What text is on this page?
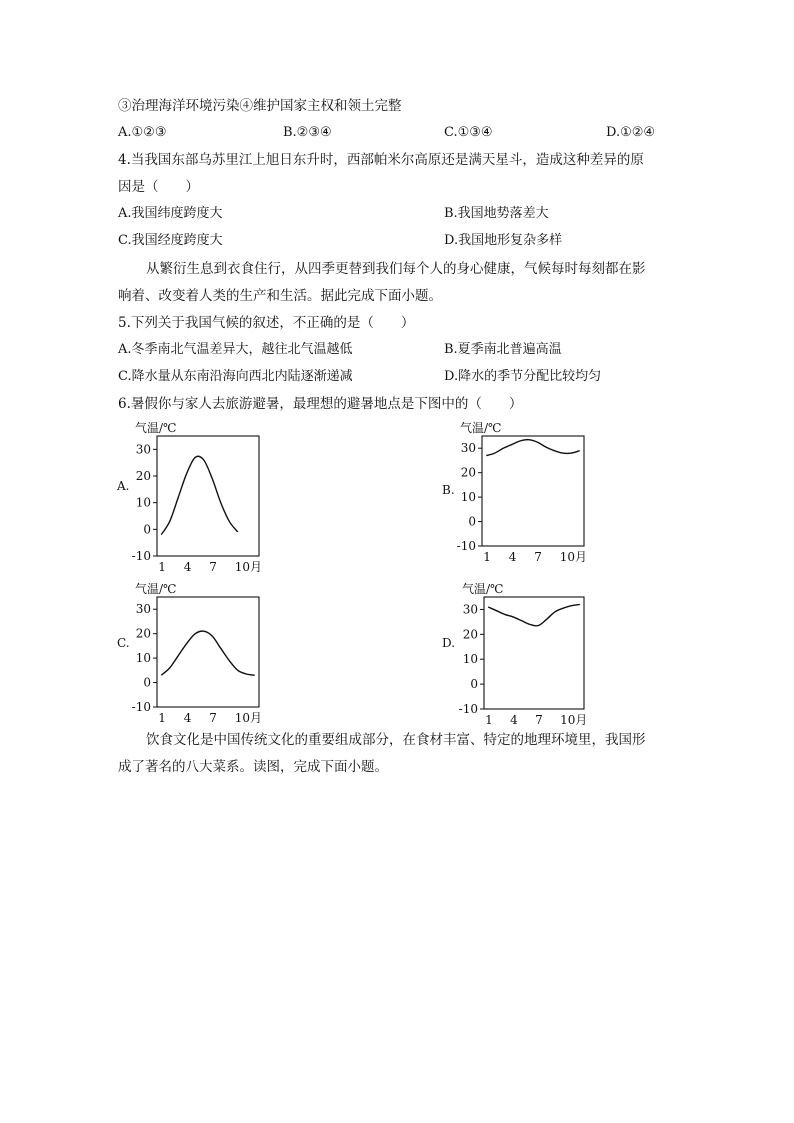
③治理海洋环境污染④维护国家主权和领土完整
A.①②③	B.②③④	C.①③④	D.①②④
4.当我国东部乌苏里江上旭日东升时，西部帕米尔高原还是满天星斗，造成这种差异的原
因是（　　）
A.我国纬度跨度大	B.我国地势落差大
C.我国经度跨度大	D.我国地形复杂多样
从繁衍生息到衣食住行，从四季更替到我们每个人的身心健康，气候每时每刻都在影
响着、改变着人类的生产和生活。据此完成下面小题。
5.下列关于我国气候的叙述，不正确的是（　　）
A.冬季南北气温差异大，越往北气温越低	B.夏季南北普遍高温
C.降水量从东南沿海向西北内陆逐渐递减	D.降水的季节分配比较均匀
6.暑假你与家人去旅游避暑，最理想的避暑地点是下图中的（　　）
气温/℃
30
20
10
0
-10
1 4 7 10月
A.
气温/℃
30
20
10
0
-10
1 4 7 10月
B.
气温/℃
30
20
10
0
-10
1 4 7 10月
C.
气温/℃
30
20
10
0
-10
1 4 7 10月
D.
饮食文化是中国传统文化的重要组成部分，在食材丰富、特定的地理环境里，我国形
成了著名的八大菜系。读图，完成下面小题。
